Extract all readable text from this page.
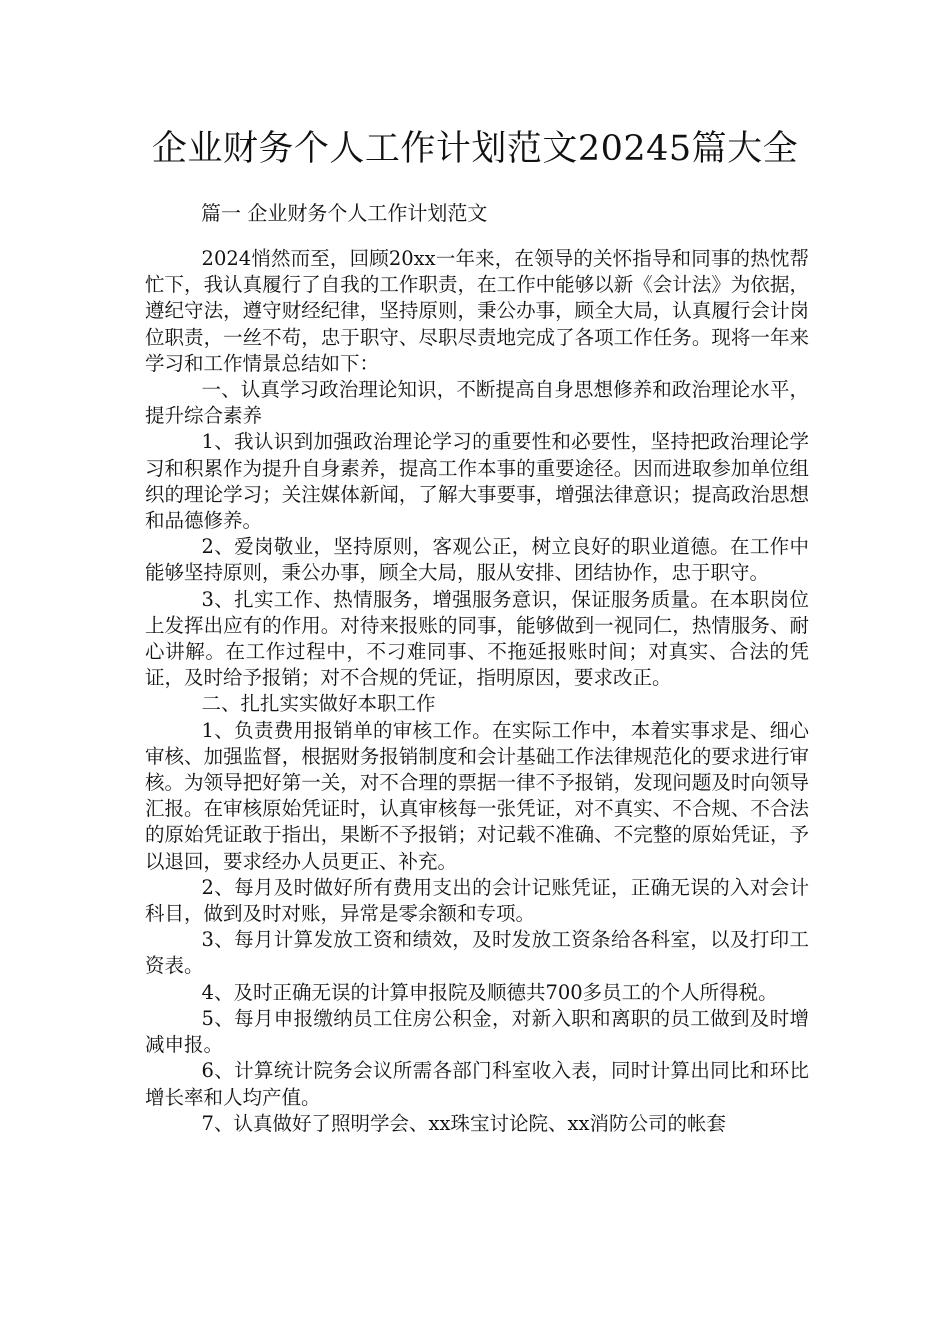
企业财务个人工作计划范文20245篇大全
篇一 企业财务个人工作计划范文

2024悄然而至，回顾20xx一年来，在领导的关怀指导和同事的热忱帮忙下，我认真履行了自我的工作职责，在工作中能够以新《会计法》为依据，遵纪守法，遵守财经纪律，坚持原则，秉公办事，顾全大局，认真履行会计岗位职责，一丝不苟，忠于职守、尽职尽责地完成了各项工作任务。现将一年来学习和工作情景总结如下：

一、认真学习政治理论知识，不断提高自身思想修养和政治理论水平，提升综合素养

1、我认识到加强政治理论学习的重要性和必要性，坚持把政治理论学习和积累作为提升自身素养，提高工作本事的重要途径。因而进取参加单位组织的理论学习；关注媒体新闻，了解大事要事，增强法律意识；提高政治思想和品德修养。

2、爱岗敬业，坚持原则，客观公正，树立良好的职业道德。在工作中能够坚持原则，秉公办事，顾全大局，服从安排、团结协作，忠于职守。

3、扎实工作、热情服务，增强服务意识，保证服务质量。在本职岗位上发挥出应有的作用。对待来报账的同事，能够做到一视同仁，热情服务、耐心讲解。在工作过程中，不刁难同事、不拖延报账时间；对真实、合法的凭证，及时给予报销；对不合规的凭证，指明原因，要求改正。

二、扎扎实实做好本职工作

1、负责费用报销单的审核工作。在实际工作中，本着实事求是、细心审核、加强监督，根据财务报销制度和会计基础工作法律规范化的要求进行审核。为领导把好第一关，对不合理的票据一律不予报销，发现问题及时向领导汇报。在审核原始凭证时，认真审核每一张凭证，对不真实、不合规、不合法的原始凭证敢于指出，果断不予报销；对记载不准确、不完整的原始凭证，予以退回，要求经办人员更正、补充。

2、每月及时做好所有费用支出的会计记账凭证，正确无误的入对会计科目，做到及时对账，异常是零余额和专项。

3、每月计算发放工资和绩效，及时发放工资条给各科室，以及打印工资表。

4、及时正确无误的计算申报院及顺德共700多员工的个人所得税。

5、每月申报缴纳员工住房公积金，对新入职和离职的员工做到及时增减申报。

6、计算统计院务会议所需各部门科室收入表，同时计算出同比和环比增长率和人均产值。

7、认真做好了照明学会、xx珠宝讨论院、xx消防公司的帐套
